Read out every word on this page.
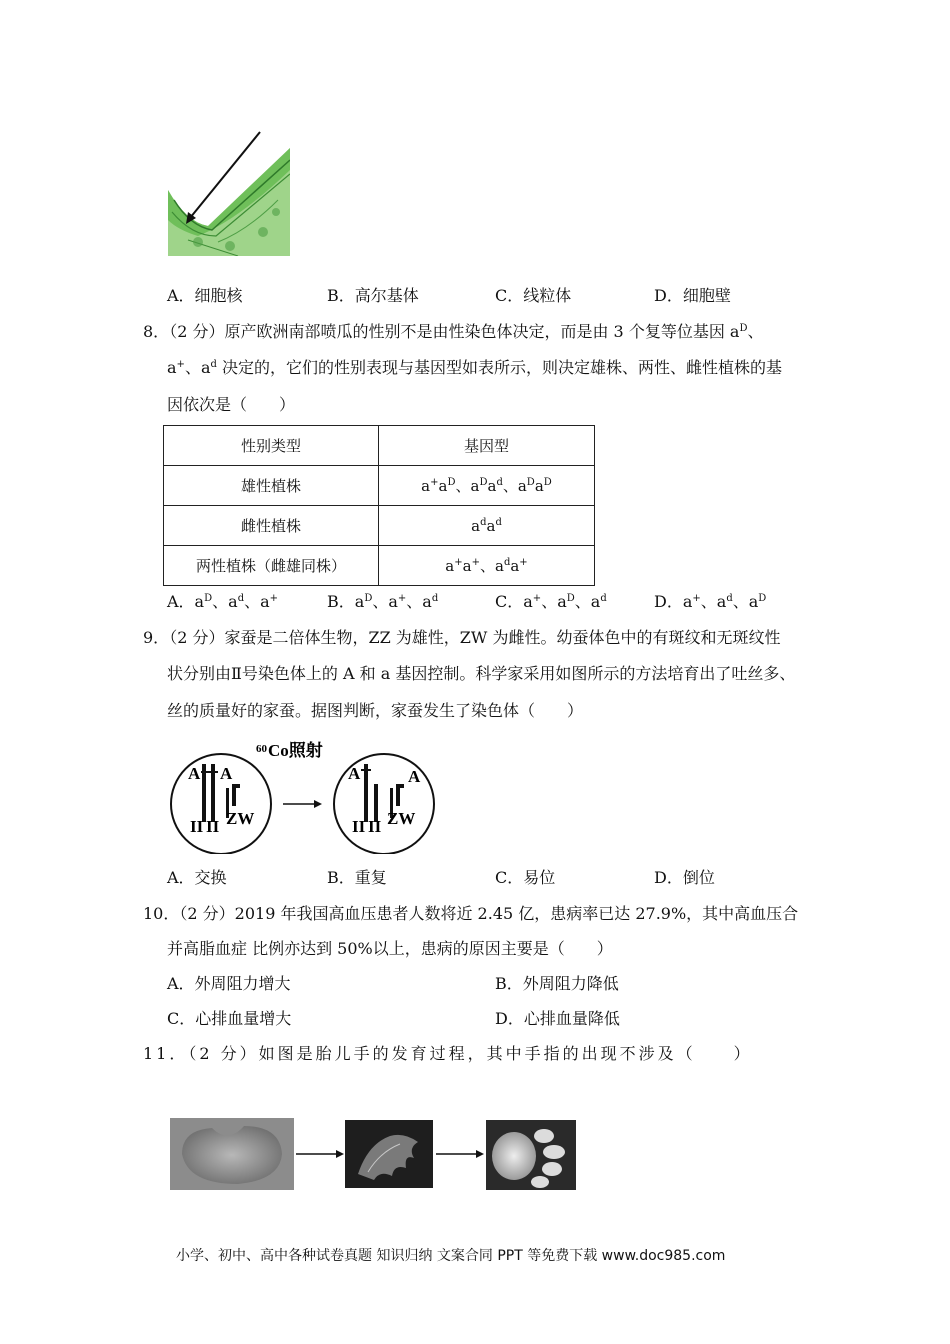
A．细胞核	B．高尔基体	C．线粒体	D．细胞壁
8．（2 分）原产欧洲南部喷瓜的性别不是由性染色体决定，而是由 3 个复等位基因 $a^D$、
a+、$a^d$ 决定的，它们的性别表现与基因型如表所示，则决定雄株、两性、雌性植株的基
因依次是（　　）
性别类型	基因型
雄性植株	$a^+a^D$、$a^Da^d$、$a^Da^D$
雌性植株	$a^da^d$
两性植株（雌雄同株）	a+a+、$a^da^+$
A．$a^D$、$a^d$、a+	B．$a^D$、a+、$a^d$	C．a+、$a^D$、$a^d$	D．a+、$a^d$、$a^D$
9．（2 分）家蚕是二倍体生物，ZZ 为雄性，ZW 为雌性。幼蚕体色中的有斑纹和无斑纹性
状分别由Ⅱ号染色体上的 A 和 a 基因控制。科学家采用如图所示的方法培育出了吐丝多、
丝的质量好的家蚕。据图判断，家蚕发生了染色体（　　）
60 Co照射
A A
II II ZW
A	A
II II ZW
A．交换	B．重复	C．易位	D．倒位
10．（2 分）2019 年我国高血压患者人数将近 2.45 亿，患病率已达 27.9%，其中高血压合
并高脂血症 比例亦达到 50%以上，患病的原因主要是（　　）
A．外周阻力增大	B．外周阻力降低
C．心排血量增大	D．心排血量降低
11．（2 分）如图是胎儿手的发育过程，其中手指的出现不涉及（　　）
小学、初中、高中各种试卷真题 知识归纳 文案合同 PPT 等免费下载 www.doc985.com
